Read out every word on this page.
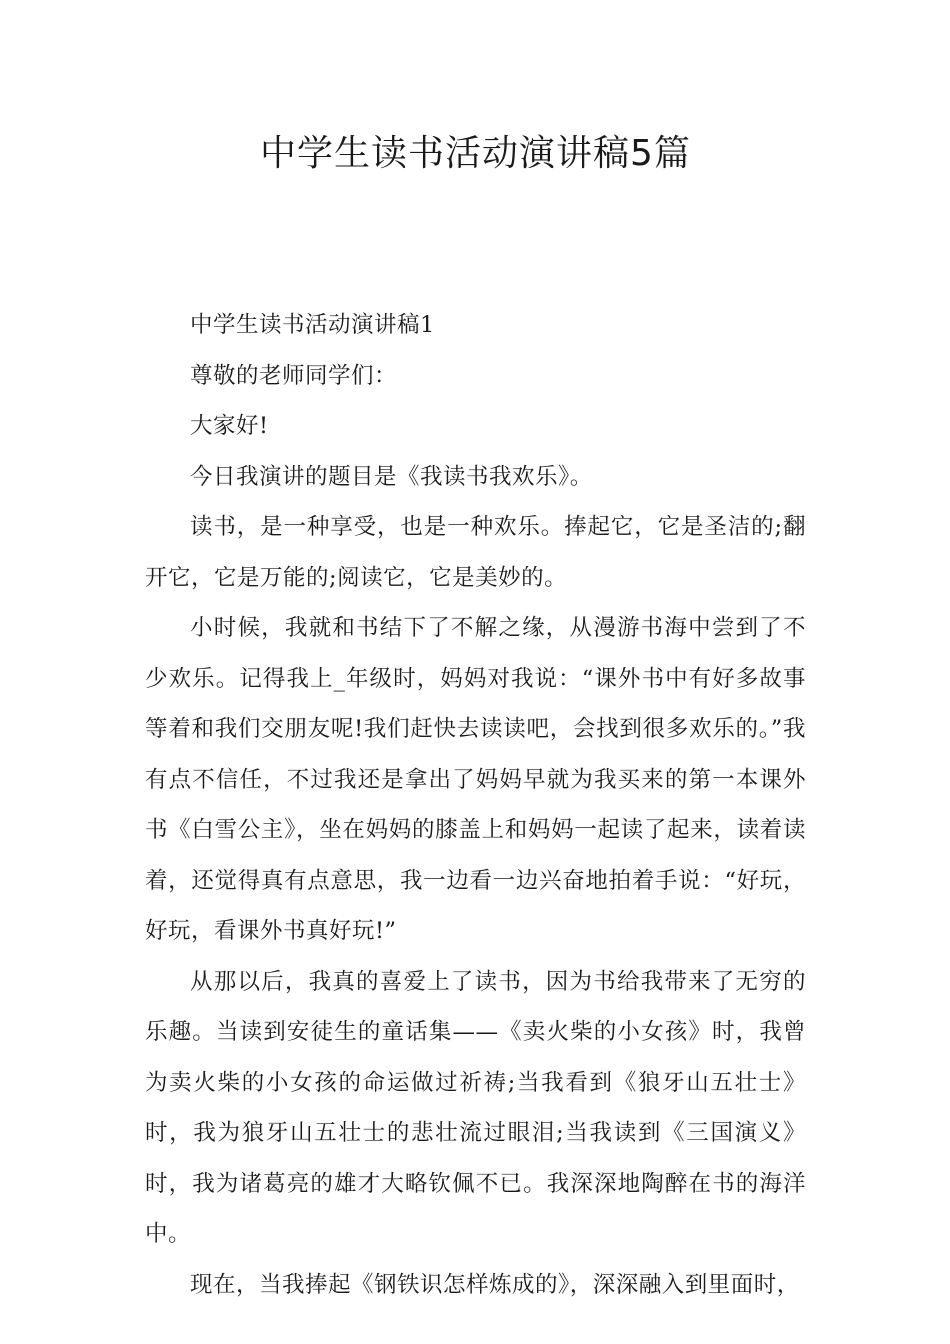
中学生读书活动演讲稿5篇

中学生读书活动演讲稿1

尊敬的老师同学们：

大家好!

今日我演讲的题目是《我读书我欢乐》。

读书，是一种享受，也是一种欢乐。捧起它，它是圣洁的;翻开它，它是万能的;阅读它，它是美妙的。

小时候，我就和书结下了不解之缘，从漫游书海中尝到了不少欢乐。记得我上_年级时，妈妈对我说：“课外书中有好多故事等着和我们交朋友呢!我们赶快去读读吧，会找到很多欢乐的。”我有点不信任，不过我还是拿出了妈妈早就为我买来的第一本课外书《白雪公主》，坐在妈妈的膝盖上和妈妈一起读了起来，读着读着，还觉得真有点意思，我一边看一边兴奋地拍着手说：“好玩，好玩，看课外书真好玩!”

从那以后，我真的喜爱上了读书，因为书给我带来了无穷的乐趣。当读到安徒生的童话集——《卖火柴的小女孩》时，我曾为卖火柴的小女孩的命运做过祈祷;当我看到《狼牙山五壮士》时，我为狼牙山五壮士的悲壮流过眼泪;当我读到《三国演义》时，我为诸葛亮的雄才大略钦佩不已。我深深地陶醉在书的海洋中。

现在，当我捧起《钢铁识怎样炼成的》，深深融入到里面时，
